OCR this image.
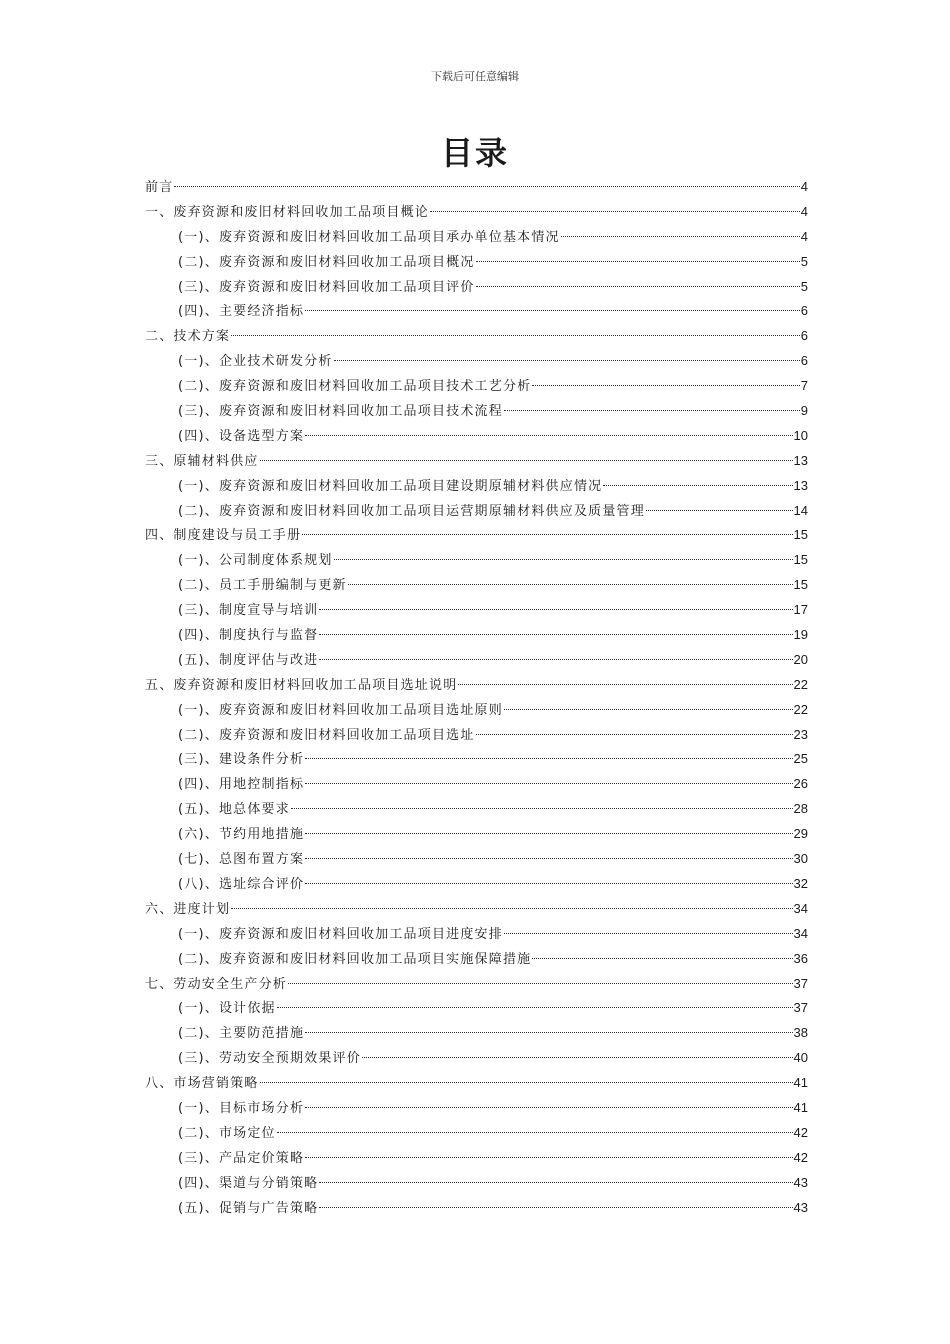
下载后可任意编辑
目录
前言	4
一、废弃资源和废旧材料回收加工品项目概论	4
(一)、废弃资源和废旧材料回收加工品项目承办单位基本情况	4
(二)、废弃资源和废旧材料回收加工品项目概况	5
(三)、废弃资源和废旧材料回收加工品项目评价	5
(四)、主要经济指标	6
二、技术方案	6
(一)、企业技术研发分析	6
(二)、废弃资源和废旧材料回收加工品项目技术工艺分析	7
(三)、废弃资源和废旧材料回收加工品项目技术流程	9
(四)、设备选型方案	10
三、原辅材料供应	13
(一)、废弃资源和废旧材料回收加工品项目建设期原辅材料供应情况	13
(二)、废弃资源和废旧材料回收加工品项目运营期原辅材料供应及质量管理	14
四、制度建设与员工手册	15
(一)、公司制度体系规划	15
(二)、员工手册编制与更新	15
(三)、制度宣导与培训	17
(四)、制度执行与监督	19
(五)、制度评估与改进	20
五、废弃资源和废旧材料回收加工品项目选址说明	22
(一)、废弃资源和废旧材料回收加工品项目选址原则	22
(二)、废弃资源和废旧材料回收加工品项目选址	23
(三)、建设条件分析	25
(四)、用地控制指标	26
(五)、地总体要求	28
(六)、节约用地措施	29
(七)、总图布置方案	30
(八)、选址综合评价	32
六、进度计划	34
(一)、废弃资源和废旧材料回收加工品项目进度安排	34
(二)、废弃资源和废旧材料回收加工品项目实施保障措施	36
七、劳动安全生产分析	37
(一)、设计依据	37
(二)、主要防范措施	38
(三)、劳动安全预期效果评价	40
八、市场营销策略	41
(一)、目标市场分析	41
(二)、市场定位	42
(三)、产品定价策略	42
(四)、渠道与分销策略	43
(五)、促销与广告策略	43
